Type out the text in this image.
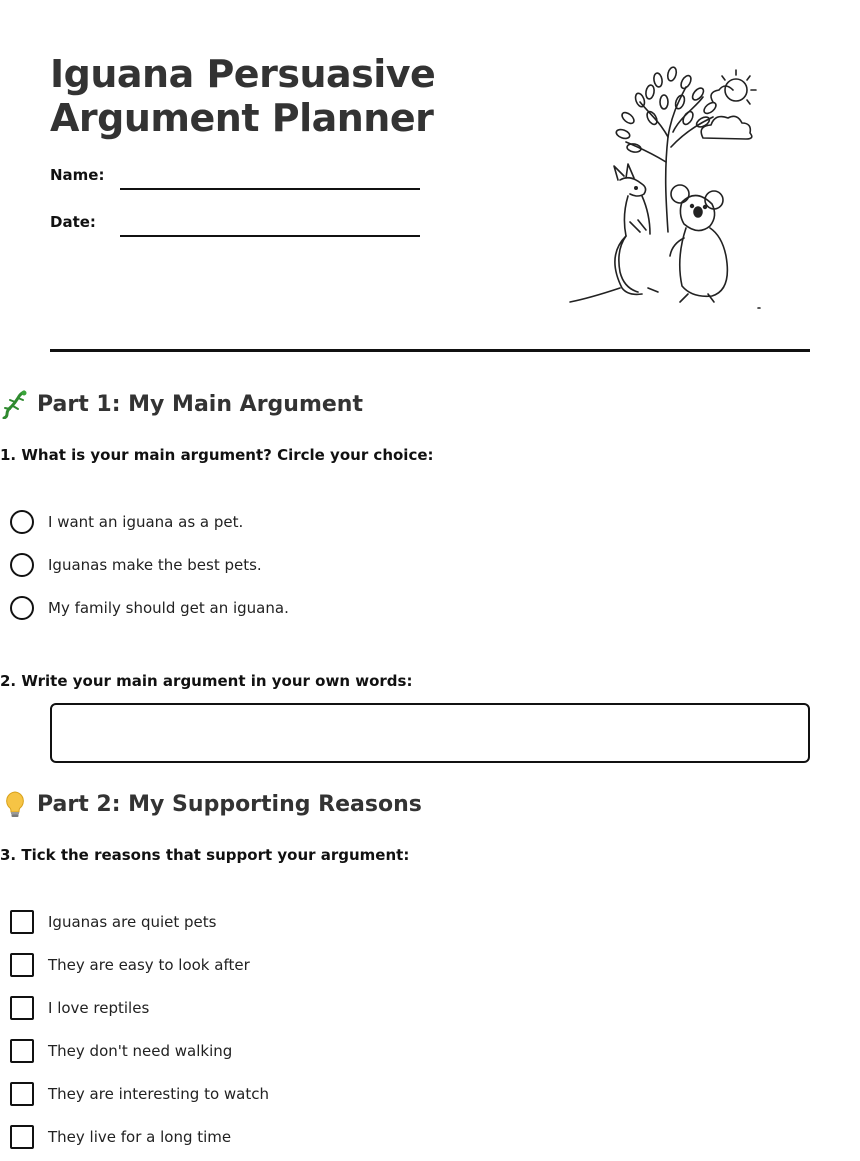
Iguana Persuasive
Argument Planner
Name:
Date:
Part 1: My Main Argument
1. What is your main argument? Circle your choice:
I want an iguana as a pet.
Iguanas make the best pets.
My family should get an iguana.
2. Write your main argument in your own words:
Part 2: My Supporting Reasons
3. Tick the reasons that support your argument:
Iguanas are quiet pets
They are easy to look after
I love reptiles
They don't need walking
They are interesting to watch
They live for a long time
